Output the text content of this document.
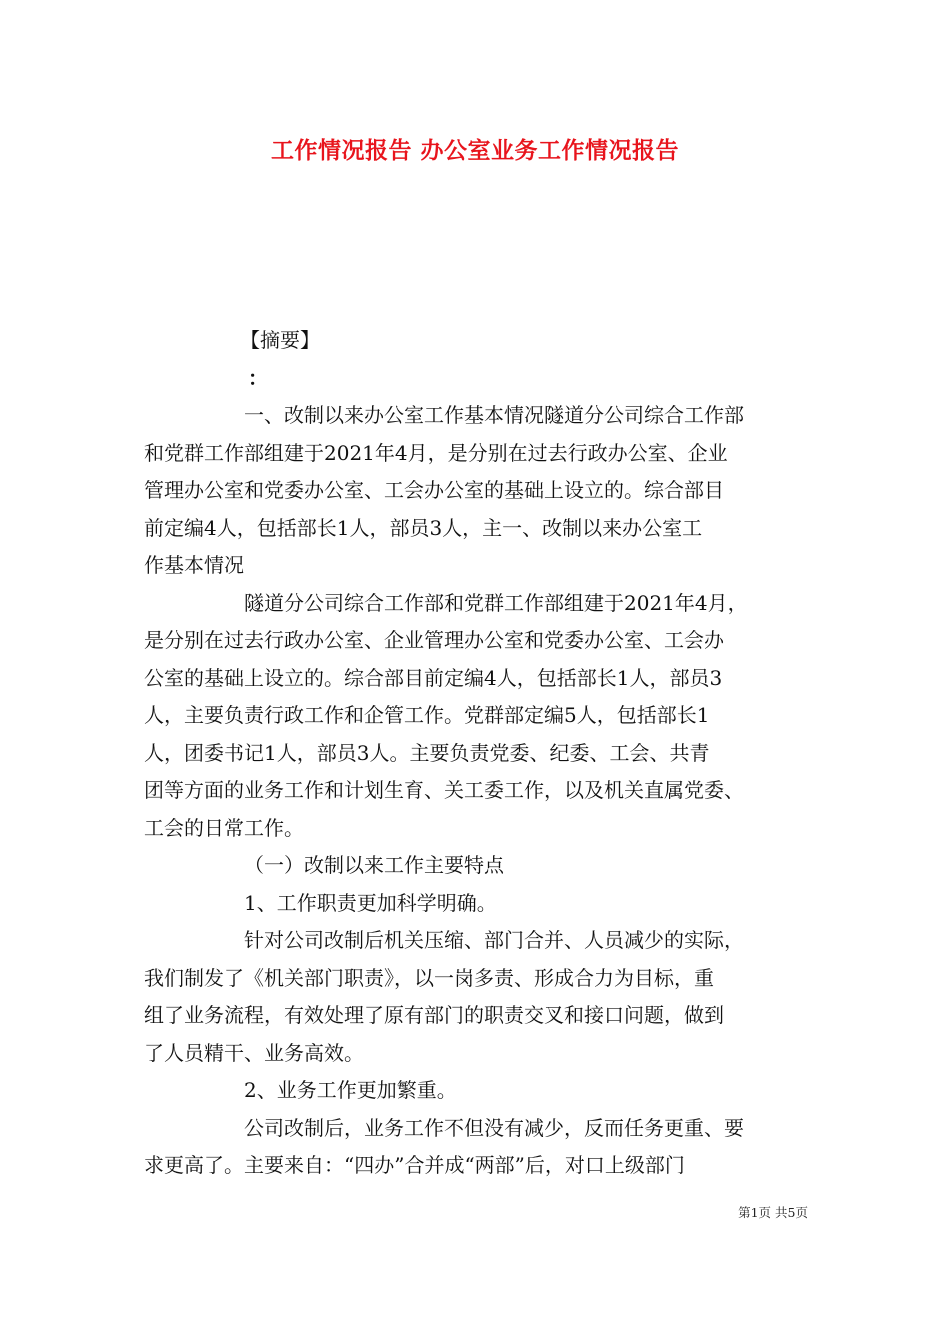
工作情况报告 办公室业务工作情况报告
【摘要】
：
一、改制以来办公室工作基本情况隧道分公司综合工作部
和党群工作部组建于2021年4月，是分别在过去行政办公室、企业
管理办公室和党委办公室、工会办公室的基础上设立的。综合部目
前定编4人，包括部长1人，部员3人，主一、改制以来办公室工
作基本情况
隧道分公司综合工作部和党群工作部组建于2021年4月，
是分别在过去行政办公室、企业管理办公室和党委办公室、工会办
公室的基础上设立的。综合部目前定编4人，包括部长1人，部员3
人，主要负责行政工作和企管工作。党群部定编5人，包括部长1
人，团委书记1人，部员3人。主要负责党委、纪委、工会、共青
团等方面的业务工作和计划生育、关工委工作，以及机关直属党委、
工会的日常工作。
（一）改制以来工作主要特点
1、工作职责更加科学明确。
针对公司改制后机关压缩、部门合并、人员减少的实际，
我们制发了《机关部门职责》，以一岗多责、形成合力为目标，重
组了业务流程，有效处理了原有部门的职责交叉和接口问题，做到
了人员精干、业务高效。
2、业务工作更加繁重。
公司改制后，业务工作不但没有减少，反而任务更重、要
求更高了。主要来自：“四办”合并成“两部”后，对口上级部门
第1页 共5页
